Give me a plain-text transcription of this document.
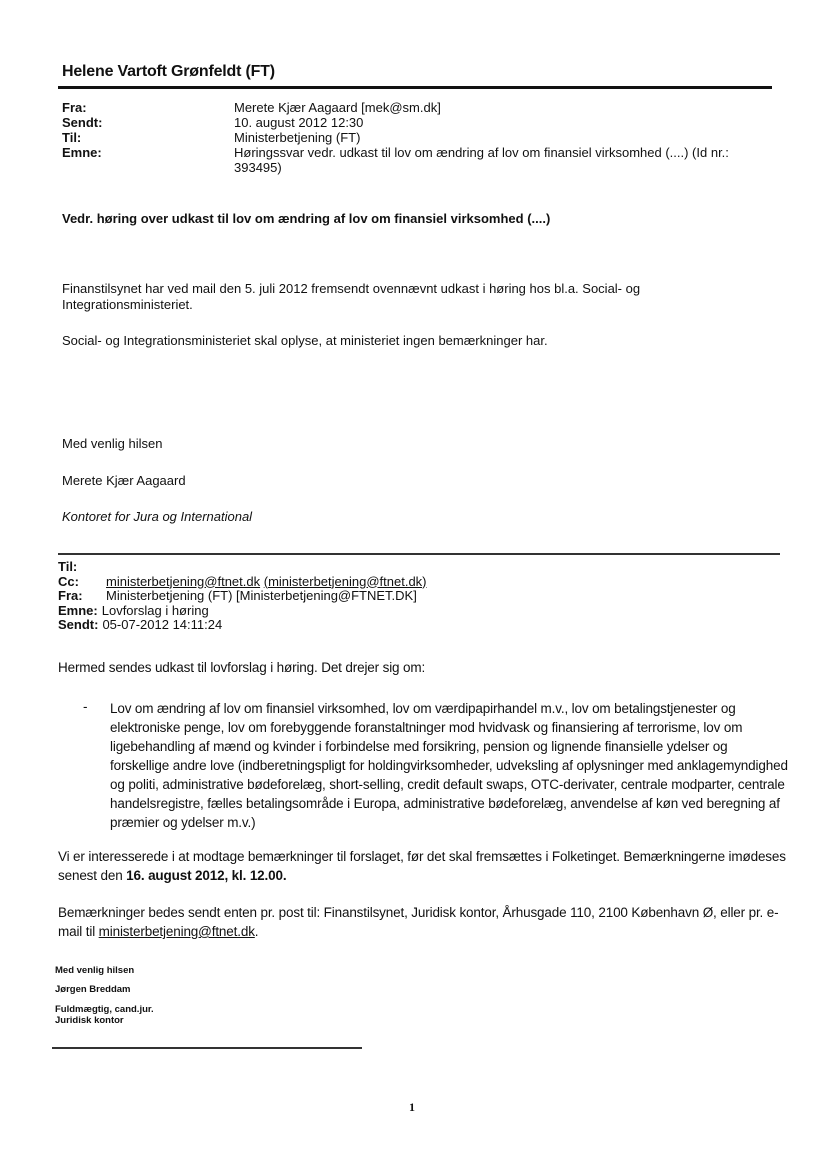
Helene Vartoft Grønfeldt (FT)
Fra:	Merete Kjær Aagaard [mek@sm.dk]
Sendt:	10. august 2012 12:30
Til:	Ministerbetjening (FT)
Emne:	Høringssvar vedr. udkast til lov om ændring af lov om finansiel virksomhed (....) (Id nr.: 393495)
Vedr. høring over udkast til lov om ændring af lov om finansiel virksomhed (....)
Finanstilsynet har ved mail den 5. juli 2012 fremsendt ovennævnt udkast i høring hos bl.a. Social- og Integrationsministeriet.
Social- og Integrationsministeriet skal oplyse, at ministeriet ingen bemærkninger har.
Med venlig hilsen
Merete Kjær Aagaard
Kontoret for Jura og International
Til:
Cc:	ministerbetjening@ftnet.dk
(ministerbetjening@ftnet.dk)
Fra:	Ministerbetjening (FT) [Ministerbetjening@FTNET.DK]
Emne: Lovforslag i høring
Sendt: 05-07-2012 14:11:24
Hermed sendes udkast til lovforslag i høring. Det drejer sig om:
- Lov om ændring af lov om finansiel virksomhed, lov om værdipapirhandel m.v., lov om betalingstjenester og elektroniske penge, lov om forebyggende foranstaltninger mod hvidvask og finansiering af terrorisme, lov om ligebehandling af mænd og kvinder i forbindelse med forsikring, pension og lignende finansielle ydelser og forskellige andre love (indberetningspligt for holdingvirksomheder, udveksling af oplysninger med anklagemyndighed og politi, administrative bødeforelæg, short-selling, credit default swaps, OTC-derivater, centrale modparter, centrale handelsregistre, fælles betalingsområde i Europa, administrative bødeforelæg, anvendelse af køn ved beregning af præmier og ydelser m.v.)
Vi er interesserede i at modtage bemærkninger til forslaget, før det skal fremsættes i Folketinget. Bemærkningerne imødeses senest den 16. august 2012, kl. 12.00.
Bemærkninger bedes sendt enten pr. post til: Finanstilsynet, Juridisk kontor, Århusgade 110, 2100 København Ø, eller pr. e-mail til ministerbetjening@ftnet.dk.
Med venlig hilsen
Jørgen Breddam
Fuldmægtig, cand.jur.
Juridisk kontor
1
